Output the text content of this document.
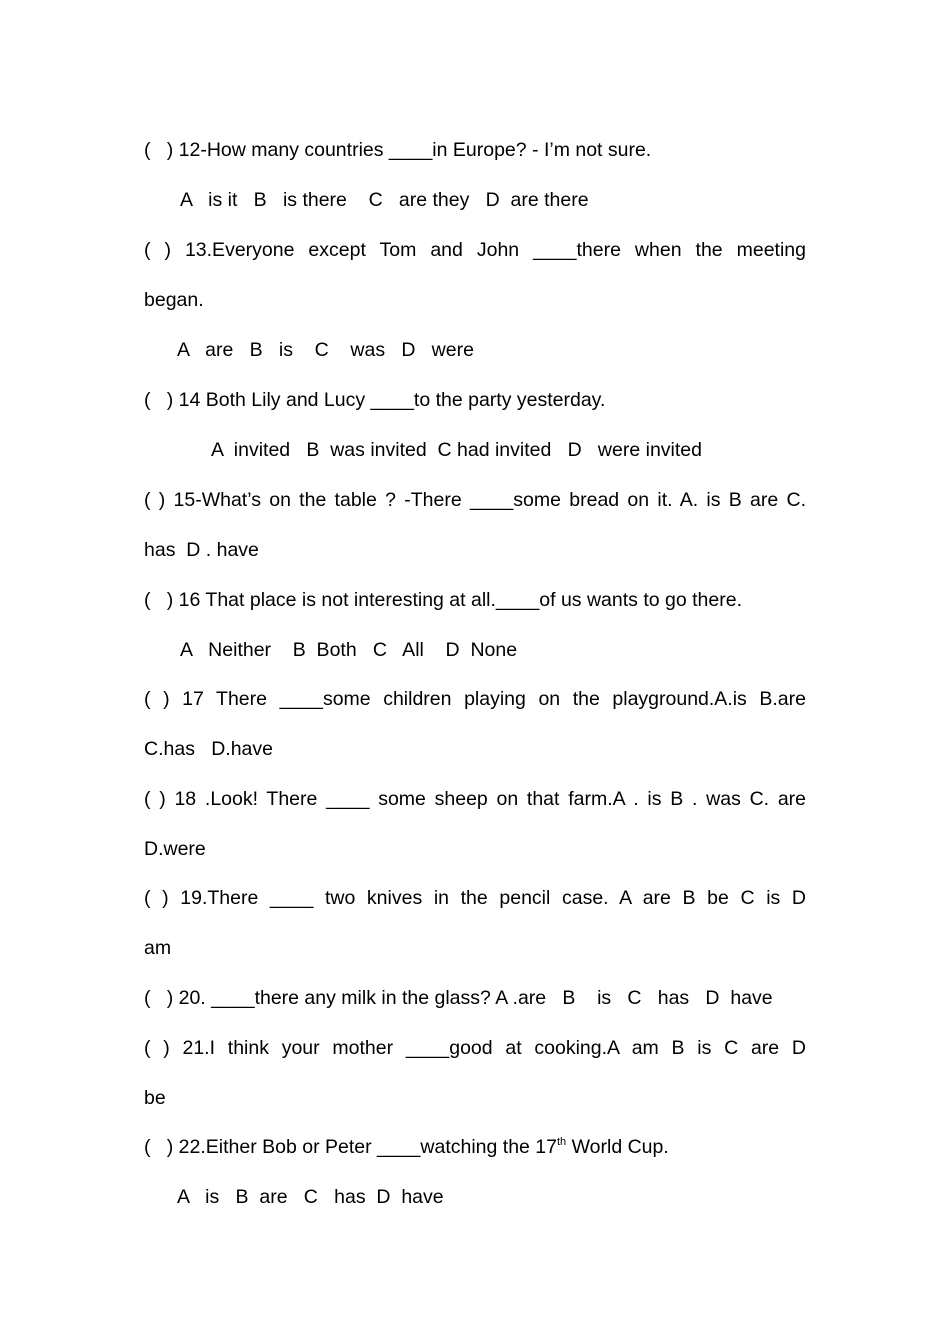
(   ) 12-How many countries ____in Europe? - I’m not sure.
A   is it   B   is there    C   are they   D  are there
( ) 13.Everyone except Tom and John ____there when the meeting
began.
A   are   B   is    C    was   D   were
(   ) 14 Both Lily and Lucy ____to the party yesterday.
A  invited   B  was invited  C had invited   D   were invited
( ) 15-What’s on the table ? -There ____some bread on it. A. is B are C.
has  D . have
(   ) 16 That place is not interesting at all.____of us wants to go there.
A   Neither    B  Both   C   All    D  None
( ) 17 There ____some children playing on the playground.A.is B.are
C.has   D.have
( ) 18 .Look! There ____ some sheep on that farm.A . is B . was C. are
D.were
( ) 19.There ____ two knives in the pencil case. A are B be C is D
am
(   ) 20. ____there any milk in the glass? A .are   B    is   C   has   D  have
( ) 21.I think your mother ____good at cooking.A am B is C are D
be
(   ) 22.Either Bob or Peter ____watching the 17th World Cup.
A   is   B  are   C   has  D  have
